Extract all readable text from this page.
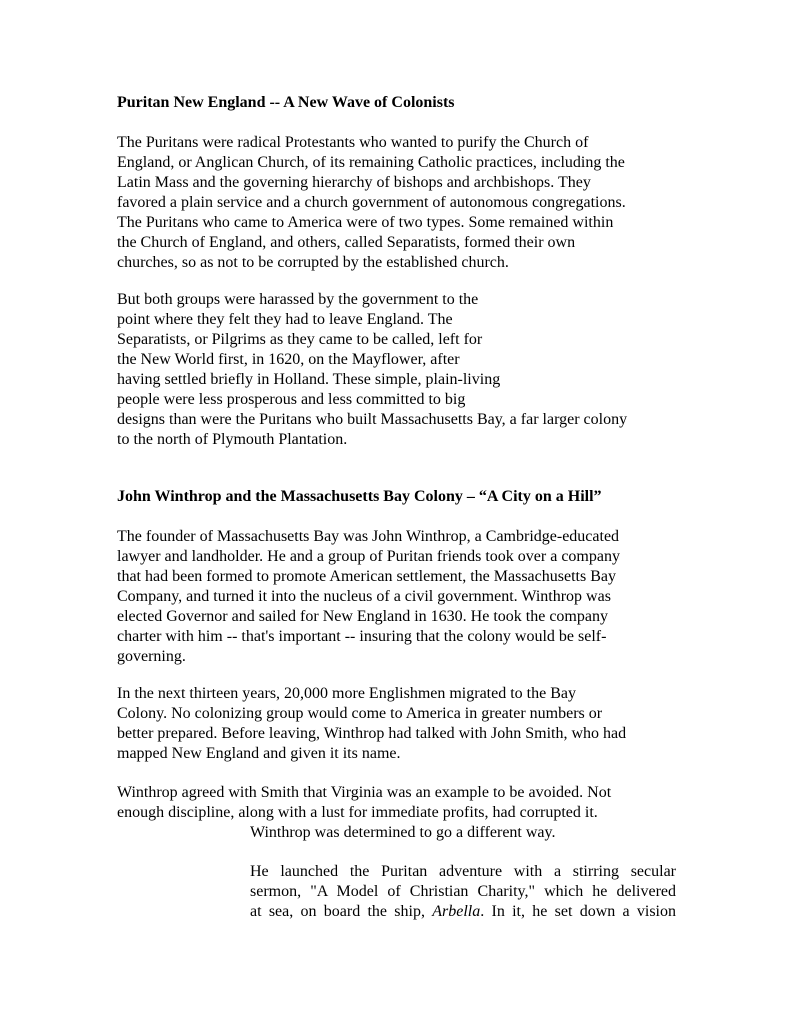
Puritan New England -- A New Wave of Colonists
The Puritans were radical Protestants who wanted to purify the Church of
England, or Anglican Church, of its remaining Catholic practices, including the
Latin Mass and the governing hierarchy of bishops and archbishops. They
favored a plain service and a church government of autonomous congregations.
The Puritans who came to America were of two types. Some remained within
the Church of England, and others, called Separatists, formed their own
churches, so as not to be corrupted by the established church.
But both groups were harassed by the government to the
point where they felt they had to leave England. The
Separatists, or Pilgrims as they came to be called, left for
the New World first, in 1620, on the Mayflower, after
having settled briefly in Holland. These simple, plain-living
people were less prosperous and less committed to big
designs than were the Puritans who built Massachusetts Bay, a far larger colony
to the north of Plymouth Plantation.
John Winthrop and the Massachusetts Bay Colony – “A City on a Hill”
The founder of Massachusetts Bay was John Winthrop, a Cambridge-educated
lawyer and landholder. He and a group of Puritan friends took over a company
that had been formed to promote American settlement, the Massachusetts Bay
Company, and turned it into the nucleus of a civil government. Winthrop was
elected Governor and sailed for New England in 1630. He took the company
charter with him -- that's important -- insuring that the colony would be self-
governing.
In the next thirteen years, 20,000 more Englishmen migrated to the Bay
Colony. No colonizing group would come to America in greater numbers or
better prepared. Before leaving, Winthrop had talked with John Smith, who had
mapped New England and given it its name.
Winthrop agreed with Smith that Virginia was an example to be avoided. Not
enough discipline, along with a lust for immediate profits, had corrupted it.
Winthrop was determined to go a different way.
He launched the Puritan adventure with a stirring secular
sermon, "A Model of Christian Charity," which he delivered
at sea, on board the ship, Arbella. In it, he set down a vision
